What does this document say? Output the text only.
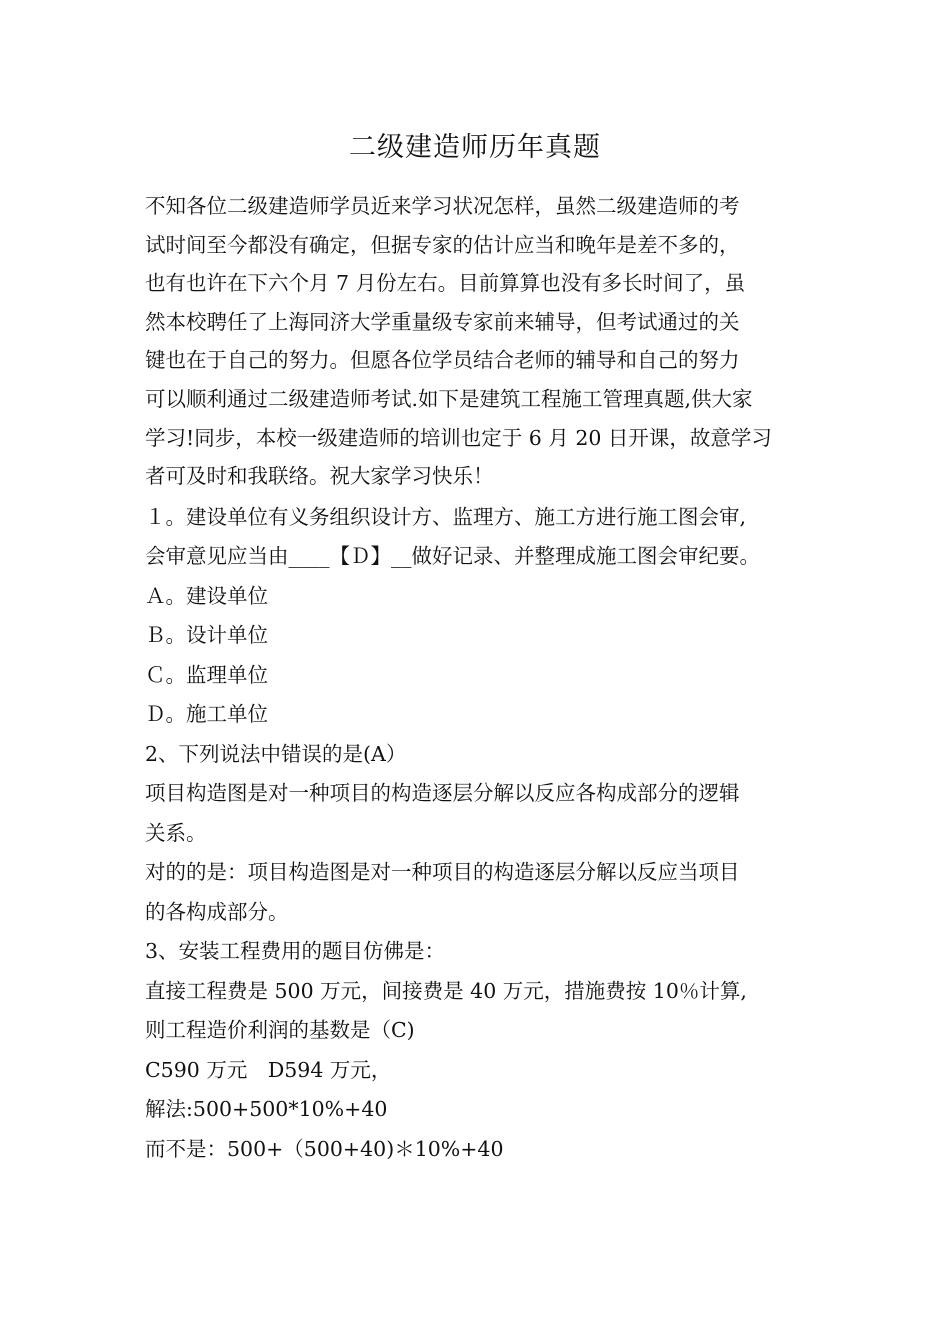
二级建造师历年真题
不知各位二级建造师学员近来学习状况怎样，虽然二级建造师的考
试时间至今都没有确定，但据专家的估计应当和晚年是差不多的，
也有也许在下六个月 7 月份左右。目前算算也没有多长时间了，虽
然本校聘任了上海同济大学重量级专家前来辅导，但考试通过的关
键也在于自己的努力。但愿各位学员结合老师的辅导和自己的努力
可以顺利通过二级建造师考试.如下是建筑工程施工管理真题,供大家
学习!同步，本校一级建造师的培训也定于 6 月 20 日开课，故意学习
者可及时和我联络。祝大家学习快乐！
１。建设单位有义务组织设计方、监理方、施工方进行施工图会审,
会审意见应当由____【Ｄ】__做好记录、并整理成施工图会审纪要。
Ａ。建设单位
Ｂ。设计单位
Ｃ。监理单位
Ｄ。施工单位
2、下列说法中错误的是(A）
项目构造图是对一种项目的构造逐层分解以反应各构成部分的逻辑
关系。
对的的是：项目构造图是对一种项目的构造逐层分解以反应当项目
的各构成部分。
3、安装工程费用的题目仿佛是：
直接工程费是 500 万元，间接费是 40 万元，措施费按 10％计算,
则工程造价利润的基数是（C)
C590 万元　D594 万元，
解法:500+500*10%+40
而不是：500+（500+40)＊10%+40
